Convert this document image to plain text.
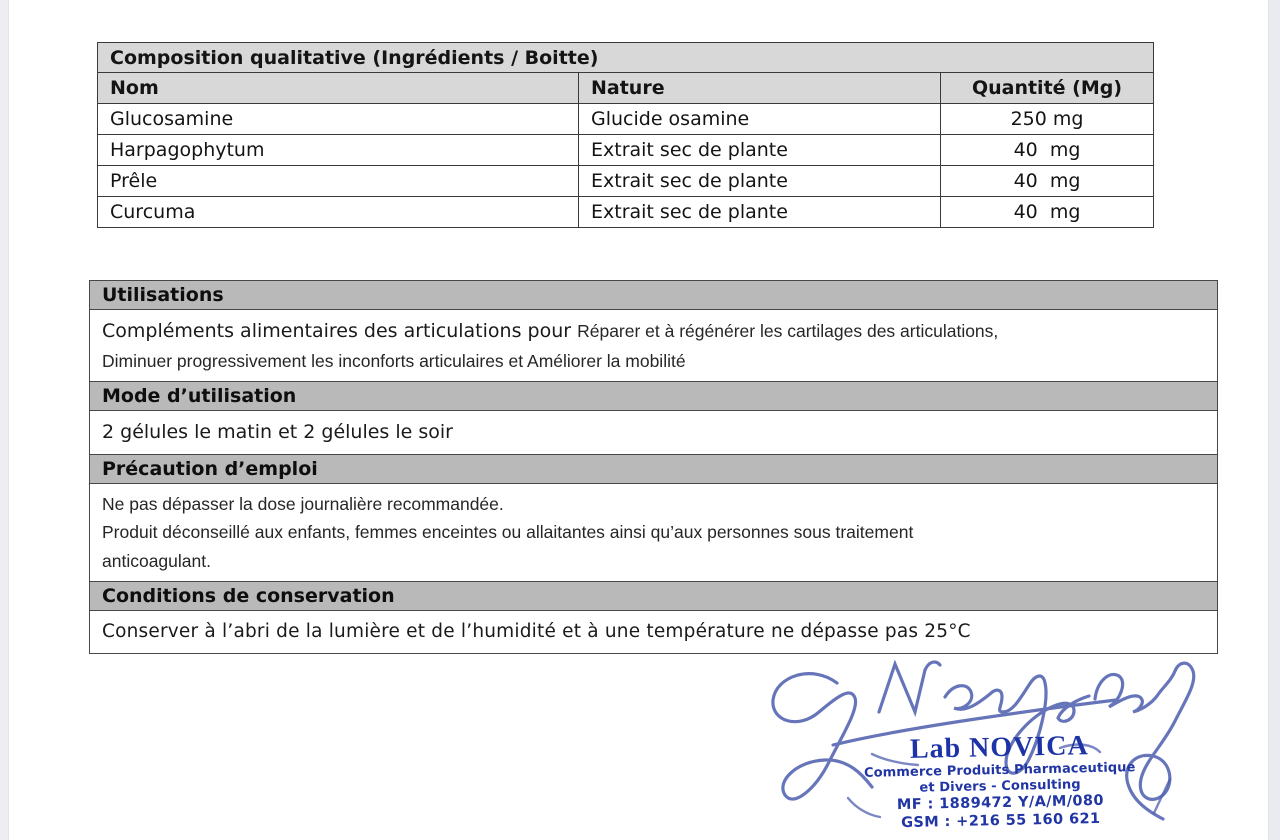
Composition qualitative (Ingrédients / Boitte)		
Nom	Nature	Quantité (Mg)
Glucosamine	Glucide osamine	250 mg
Harpagophytum	Extrait sec de plante	40  mg
Prêle	Extrait sec de plante	40  mg
Curcuma	Extrait sec de plante	40  mg
Utilisations
Compléments alimentaires des articulations pour Réparer et à régénérer les cartilages des articulations,
Diminuer progressivement les inconforts articulaires et Améliorer la mobilité
Mode d’utilisation
2 gélules le matin et 2 gélules le soir
Précaution d’emploi
Ne pas dépasser la dose journalière recommandée.
Produit déconseillé aux enfants, femmes enceintes ou allaitantes ainsi qu’aux personnes sous traitement
anticoagulant.
Conditions de conservation
Conserver à l’abri de la lumière et de l’humidité et à une température ne dépasse pas 25°C
Lab NOVICA
Commerce Produits Pharmaceutique
et Divers - Consulting
MF : 1889472 Y/A/M/080
GSM : +216 55 160 621
